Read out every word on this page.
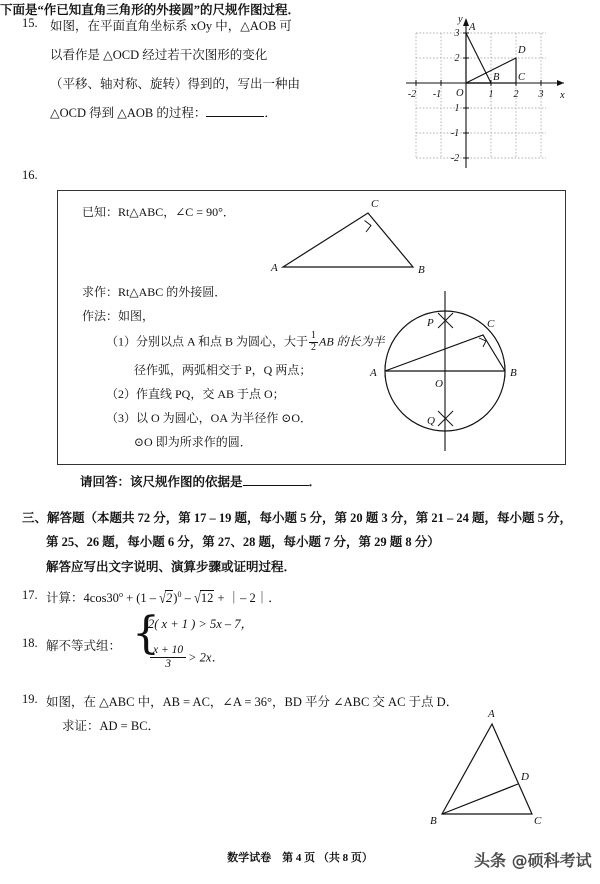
15. 如图，在平面直角坐标系 xOy 中，△AOB 可
以看作是 △OCD 经过若干次图形的变化
（平移、轴对称、旋转）得到的，写出一种由
△OCD 得到 △AOB 的过程：	．
A
B C
D
O	x
y
-2 -1	1 2 3
3
2
1
-1
-2
16.
下面是“作已知直角三角形的外接圆”的尺规作图过程．
已知：Rt△ABC，∠C = 90°．
求作：Rt△ABC 的外接圆．
作法：如图，
（1）分别以点 A 和点 B 为圆心，大于 $\frac{1}{2}$ AB 的长为半
径作弧，两弧相交于 P，Q 两点；
（2）作直线 PQ，交 AB 于点 O；
（3）以 O 为圆心，OA 为半径作 ⊙O．
⊙O 即为所求作的圆．
A	B
C
A	B
C
O
P
Q
请回答：该尺规作图的依据是	．
三、解答题（本题共 72 分，第 17 – 19 题，每小题 5 分，第 20 题 3 分，第 21 – 24 题，每小题 5 分，
第 25、26 题，每小题 6 分，第 27、28 题，每小题 7 分，第 29 题 8 分）
解答应写出文字说明、演算步骤或证明过程．
17. 计算：$4\cos 30^o + (1 - √2)^0 - √12$ + ｜– 2｜．
18. 解不等式组： {
2( x + 1 ) > 5x – 7，
$\frac{x + 10}{3} > 2x$．
19. 如图，在 △ABC 中，AB = AC，∠A = 36°，BD 平分 ∠ABC 交 AC 于点 D．
求证：AD = BC．
A
B	C
D
数学试卷　第 4 页 （共 8 页）	头条 @硕科考试
